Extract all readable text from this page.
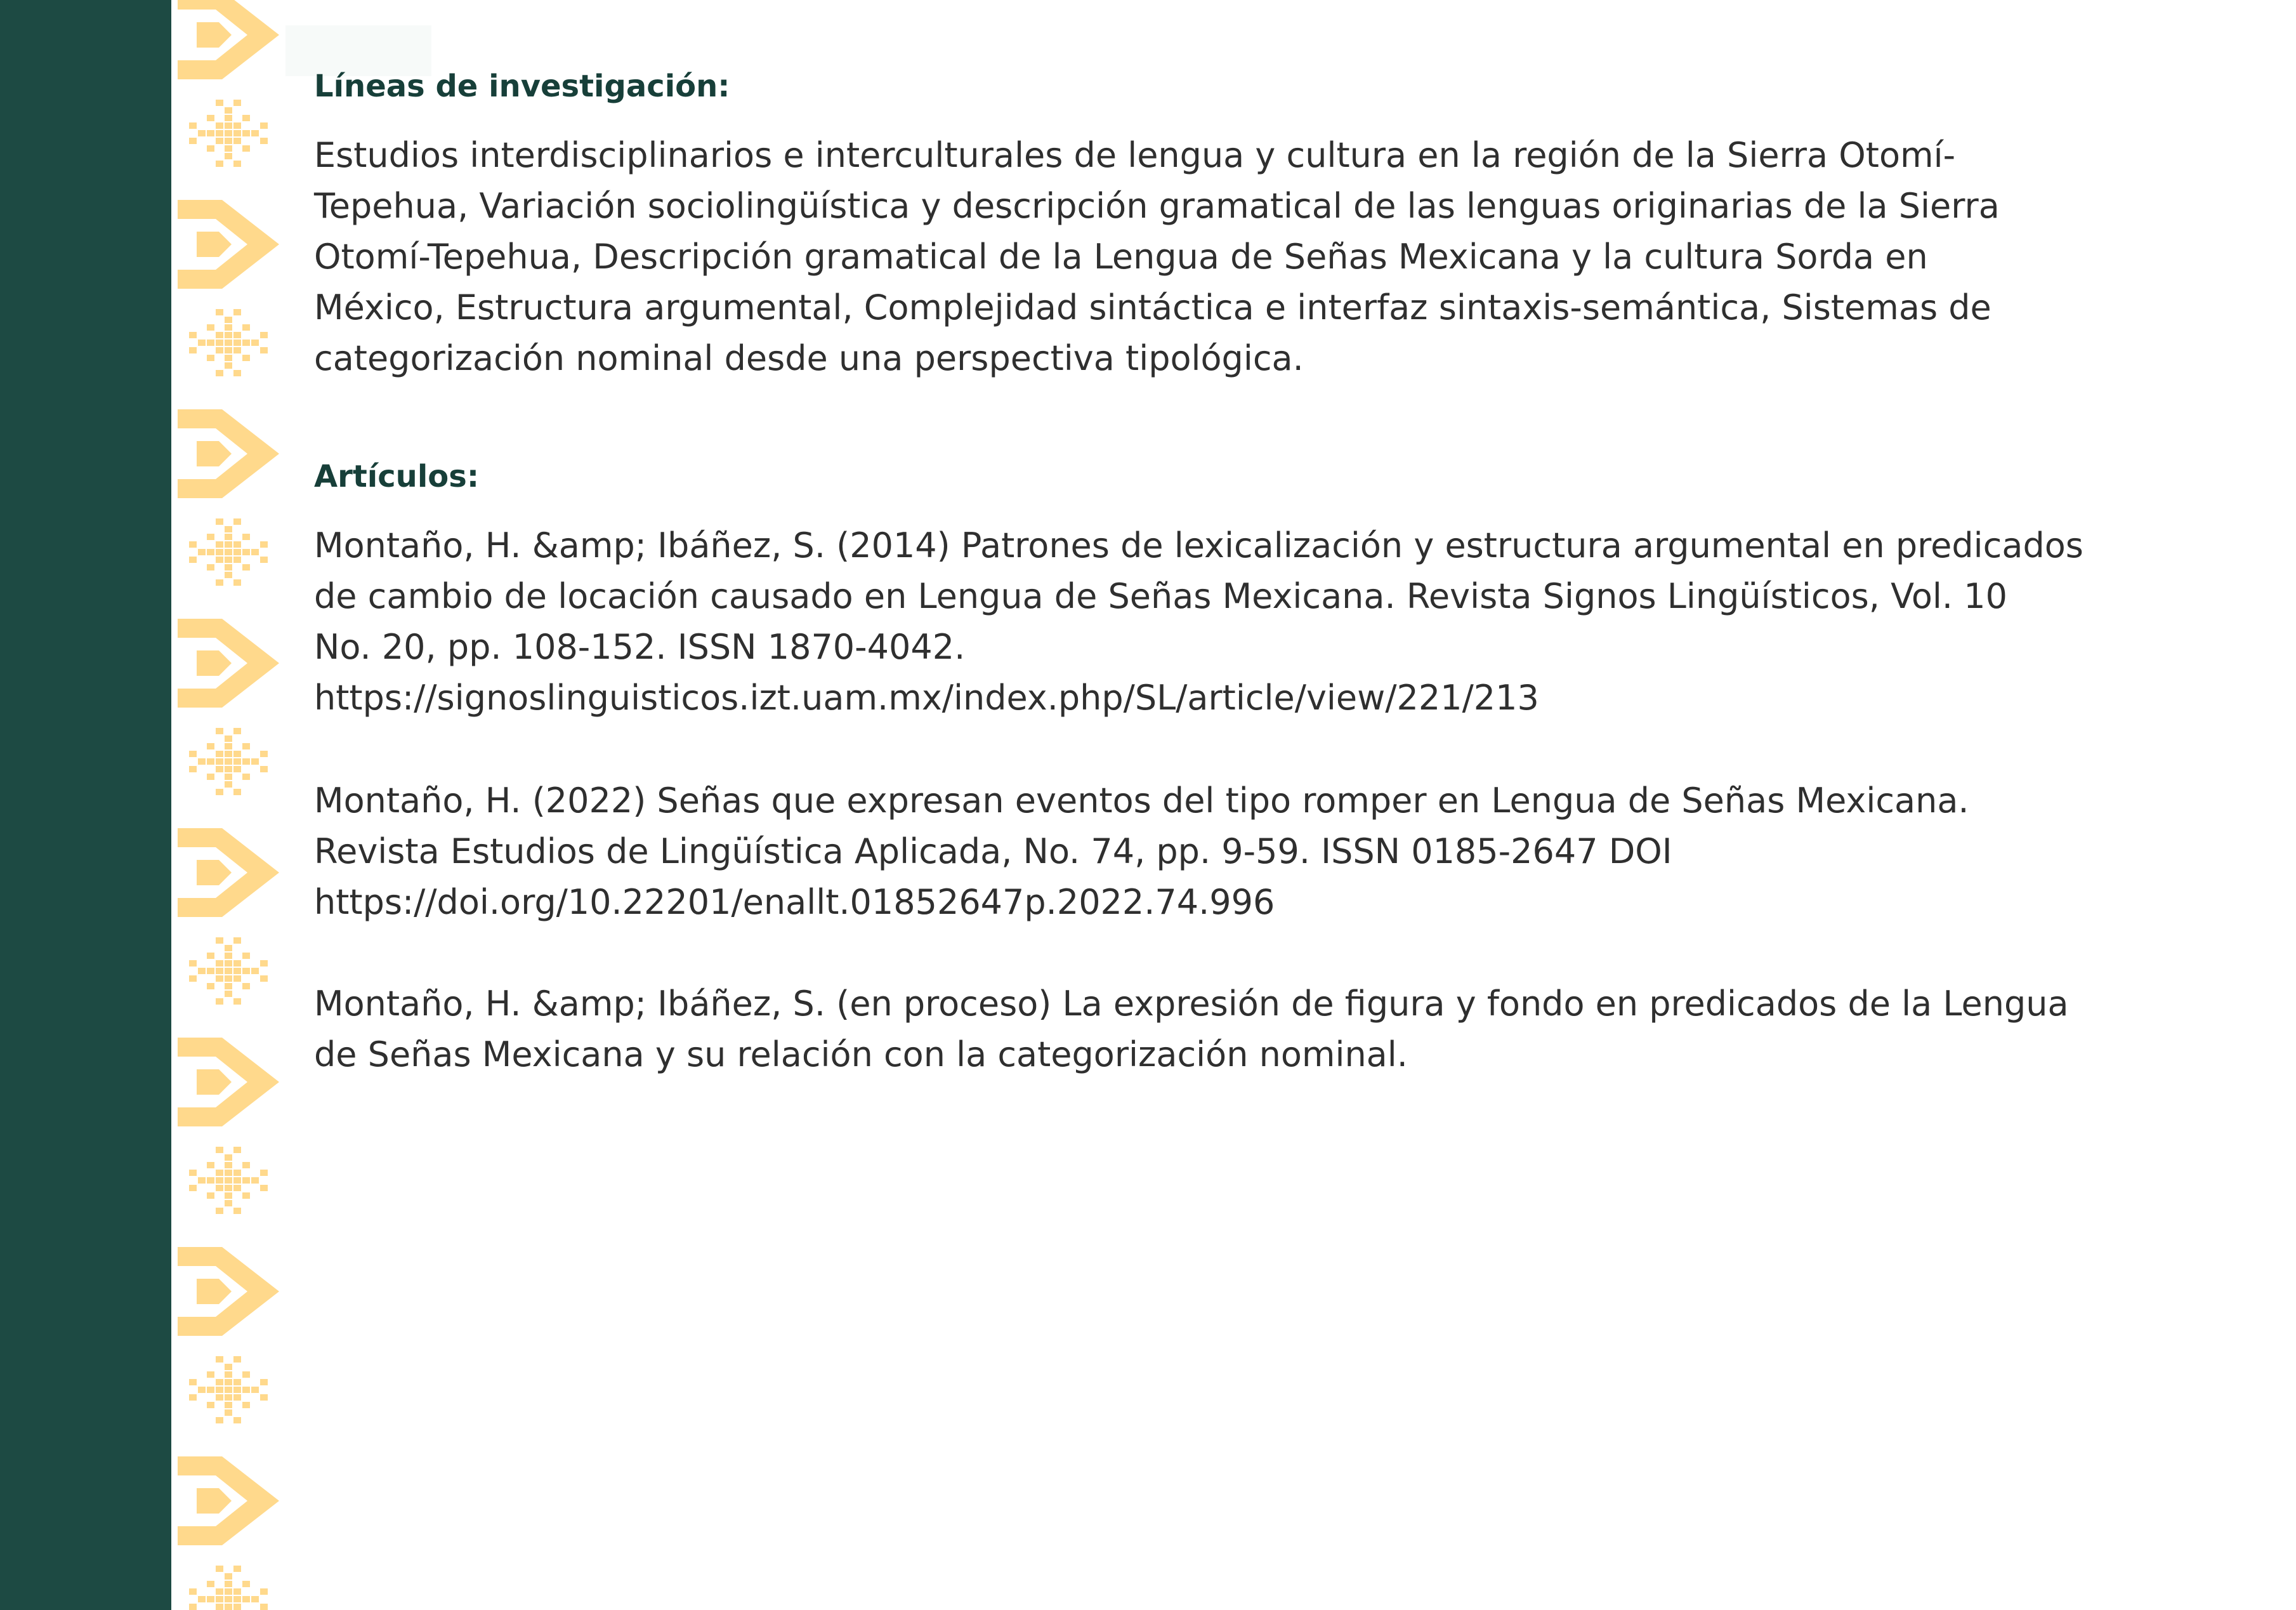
Líneas de investigación:
Estudios interdisciplinarios e interculturales de lengua y cultura en la región de la Sierra Otomí-
Tepehua, Variación sociolingüística y descripción gramatical de las lenguas originarias de la Sierra
Otomí-Tepehua, Descripción gramatical de la Lengua de Señas Mexicana y la cultura Sorda en
México, Estructura argumental, Complejidad sintáctica e interfaz sintaxis-semántica, Sistemas de
categorización nominal desde una perspectiva tipológica.
Artículos:
Montaño, H. &amp; Ibáñez, S. (2014) Patrones de lexicalización y estructura argumental en predicados
de cambio de locación causado en Lengua de Señas Mexicana. Revista Signos Lingüísticos, Vol. 10
No. 20, pp. 108-152. ISSN 1870-4042.
https://signoslinguisticos.izt.uam.mx/index.php/SL/article/view/221/213
Montaño, H. (2022) Señas que expresan eventos del tipo romper en Lengua de Señas Mexicana.
Revista Estudios de Lingüística Aplicada, No. 74, pp. 9-59. ISSN 0185-2647 DOI
https://doi.org/10.22201/enallt.01852647p.2022.74.996
Montaño, H. &amp; Ibáñez, S. (en proceso) La expresión de figura y fondo en predicados de la Lengua
de Señas Mexicana y su relación con la categorización nominal.
